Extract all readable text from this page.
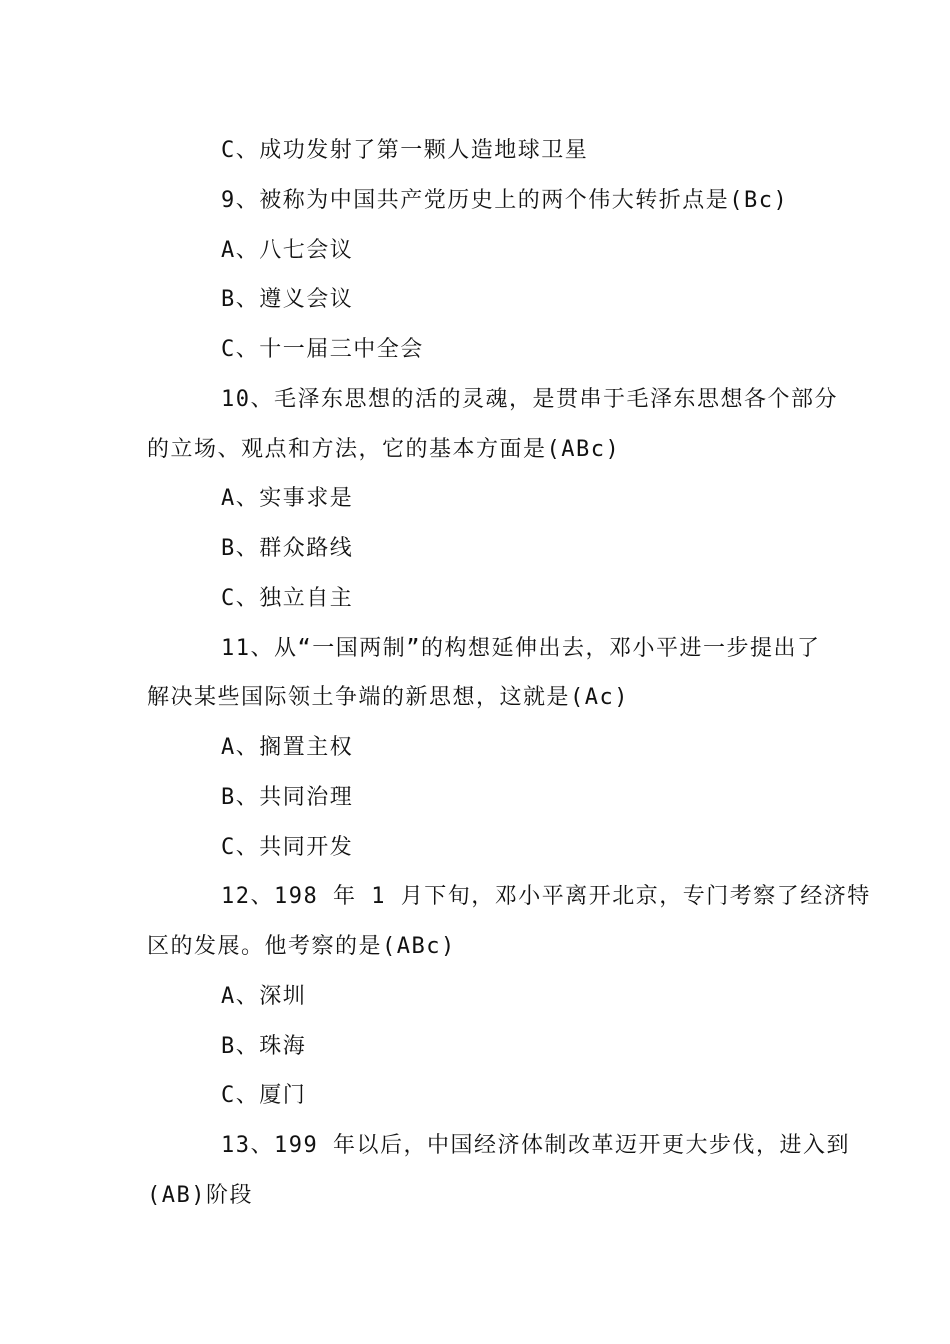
C、成功发射了第一颗人造地球卫星
9、被称为中国共产党历史上的两个伟大转折点是(Bc)
A、八七会议
B、遵义会议
C、十一届三中全会
10、毛泽东思想的活的灵魂，是贯串于毛泽东思想各个部分
的立场、观点和方法，它的基本方面是(ABc)
A、实事求是
B、群众路线
C、独立自主
11、从“一国两制”的构想延伸出去，邓小平进一步提出了
解决某些国际领土争端的新思想，这就是(Ac)
A、搁置主权
B、共同治理
C、共同开发
12、198 年 1 月下旬，邓小平离开北京，专门考察了经济特
区的发展。他考察的是(ABc)
A、深圳
B、珠海
C、厦门
13、199 年以后，中国经济体制改革迈开更大步伐，进入到
(AB)阶段
